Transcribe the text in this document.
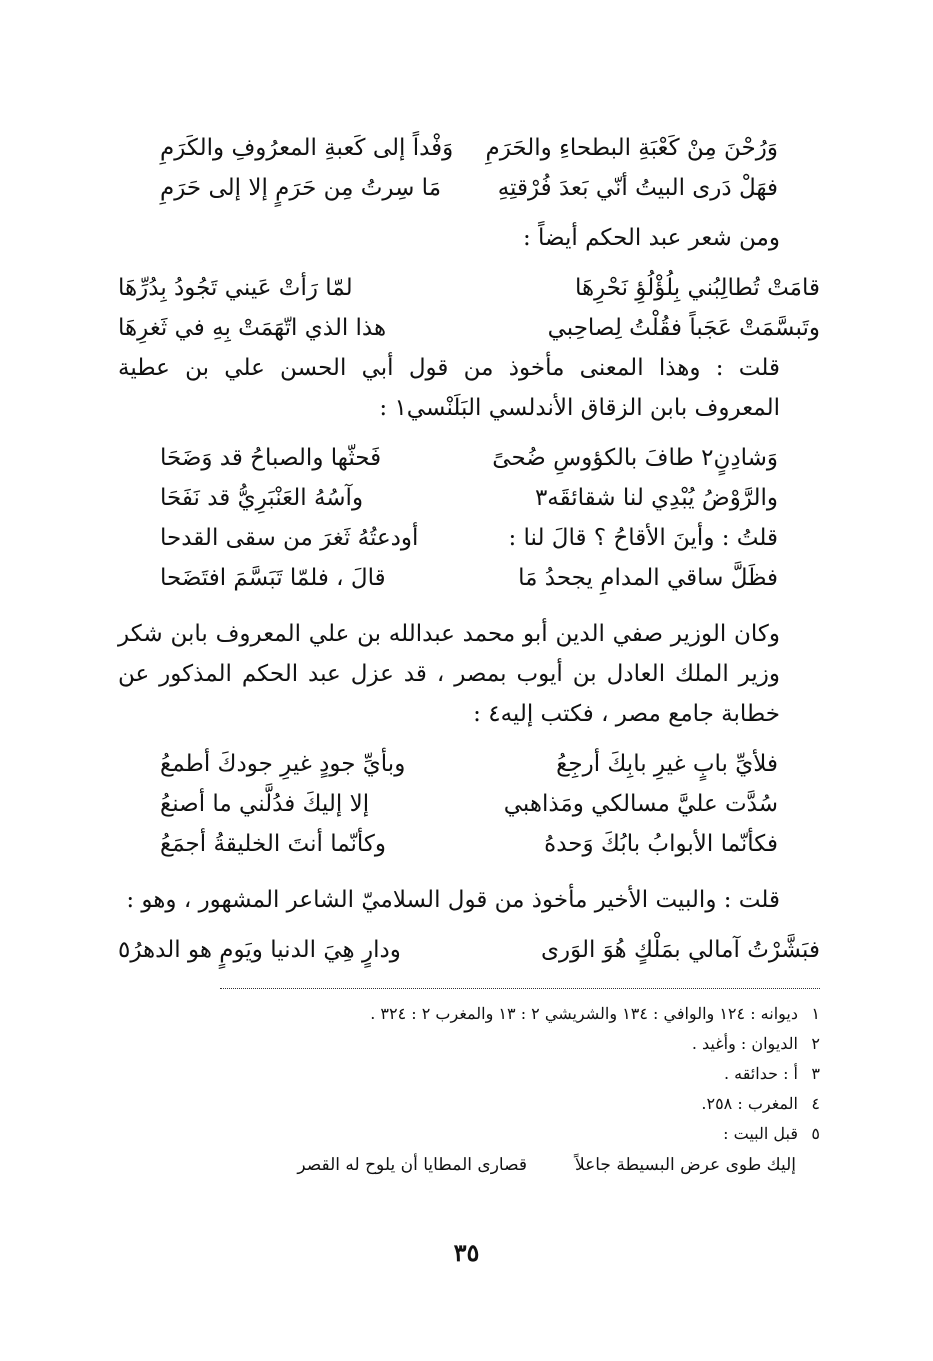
وَرُحْنَ مِنْ كَعْبَةِ البطحاءِ والحَرَمِ
وَفْداً إلى كَعبةِ المعرُوفِ والكَرَمِ
فهَلْ دَرى البيتُ أنّي بَعدَ فُرْقتِهِ
مَا سِرتُ مِن حَرَمٍ إلا إلى حَرَمِ

ومن شعر عبد الحكم أيضاً :

قامَتْ تُطالِبُني بِلُؤْلُؤِ نَحْرِهَا
لمّا رَأتْ عَيني تَجُودُ بِدُرِّهَا
وتَبسَّمَتْ عَجَباً فقُلْتُ لِصاحِبي
هذا الذي اتّهَمَتْ بِهِ في ثَغرِهَا

قلت : وهذا المعنى مأخوذ من قول أبي الحسن علي بن عطية المعروف بابن الزقاق الأندلسي البَلَنْسي١ :

وَشادِنٍ٢ طافَ بالكؤوسِ ضُحىً
فَحثّها والصباحُ قد وَضَحَا
والرَّوْضُ يُبْدِي لنا شقائقَه٣
وآسُهُ العَنْبَرِيُّ قد نَفَحَا
قلتُ : وأينَ الأقاحُ ؟ قالَ لنا :
أودعتُهُ ثَغرَ من سقى القدحا
فظَلَّ ساقي المدامِ يجحدُ مَا
قالَ ، فلمّا تَبَسَّمَ افتَضَحا

وكان الوزير صفي الدين أبو محمد عبدالله بن علي المعروف بابن شكر وزير الملك العادل بن أيوب بمصر ، قد عزل عبد الحكم المذكور عن خطابة جامع مصر ، فكتب إليه٤ :

فلأيِّ بابٍ غيرِ بابِكَ أرجِعُ
وبأيِّ جودٍ غيرِ جودكَ أطمعُ
سُدَّت عليَّ مسالكي ومَذاهبي
إلا إليكَ فدُلَّني ما أصنعُ
فكأنّما الأبوابُ بابُكَ وَحدهُ
وكأنّما أنتَ الخليقةُ أجمَعُ

قلت : والبيت الأخير مأخوذ من قول السلاميّ الشاعر المشهور ، وهو :

فبَشَّرْتُ آمالي بمَلْكٍ هُوَ الوَرى
ودارٍ هِيَ الدنيا ويَومٍ هو الدهرُ٥
١
ديوانه : ١٢٤ والوافي : ١٣٤ والشريشي ٢ : ١٣ والمغرب ٢ : ٣٢٤ .
٢
الديوان : وأغيد .
٣
أ : حدائقه .
٤
المغرب : ٢٥٨.
٥
قبل البيت :
إليك طوى عرض البسيطة جاعلاً
قصارى المطايا أن يلوح له القصر
٣٥
